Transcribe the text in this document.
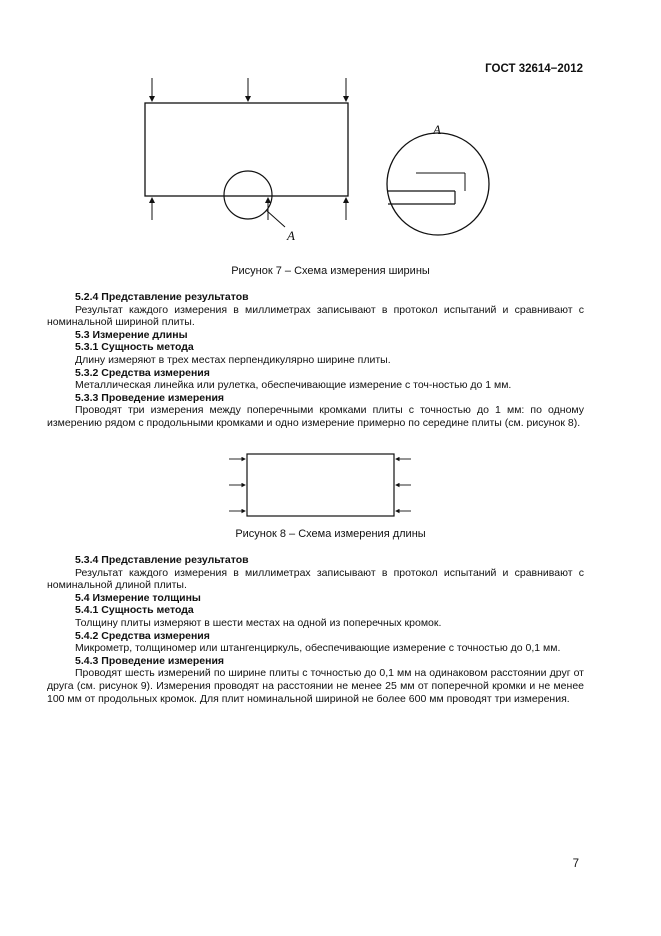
ГОСТ 32614−2012
А
А
Рисунок 7 – Схема измерения ширины
5.2.4 Представление результатов
Результат каждого измерения в миллиметрах записывают в протокол испытаний и сравнивают с номинальной шириной плиты.
5.3 Измерение длины
5.3.1 Сущность метода
Длину измеряют в трех местах перпендикулярно ширине плиты.
5.3.2 Средства измерения
Металлическая линейка или рулетка, обеспечивающие измерение с точ-ностью до 1 мм.
5.3.3 Проведение измерения
Проводят три измерения между поперечными кромками плиты с точностью до 1 мм: по одному измерению рядом с продольными кромками и одно измерение примерно по середине плиты (см. рисунок 8).
Рисунок 8 – Схема измерения длины
5.3.4 Представление результатов
Результат каждого измерения в миллиметрах записывают в протокол испытаний и сравнивают с номинальной длиной плиты.
5.4 Измерение толщины
5.4.1 Сущность метода
Толщину плиты измеряют в шести местах на одной из поперечных кромок.
5.4.2 Средства измерения
Микрометр, толщиномер или штангенциркуль, обеспечивающие измерение с точностью до 0,1 мм.
5.4.3 Проведение измерения
Проводят шесть измерений по ширине плиты с точностью до 0,1 мм на одинаковом расстоянии друг от друга (см. рисунок 9). Измерения проводят на расстоянии не менее 25 мм от поперечной кромки и не менее 100 мм от продольных кромок. Для плит номинальной шириной не более 600 мм проводят три измерения.
7
